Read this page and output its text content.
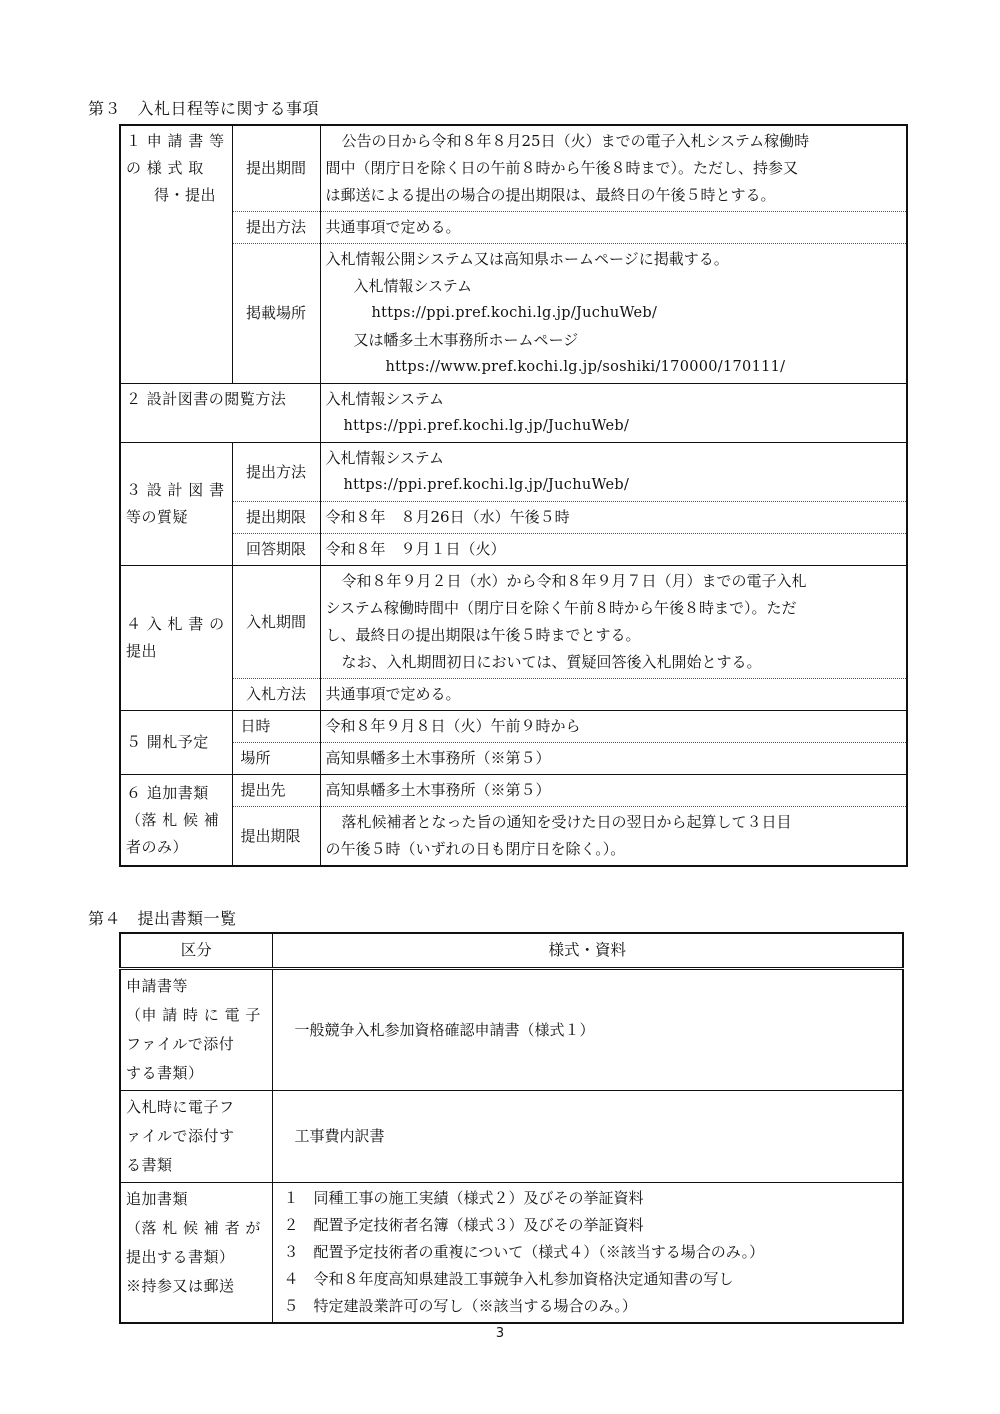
第３　入札日程等に関する事項
１ 申 請 書 等
の 様 式 取
得・提出	提出期間	公告の日から令和８年８月25日（火）までの電子入札システム稼働時
間中（閉庁日を除く日の午前８時から午後８時まで）。ただし、持参又
は郵送による提出の場合の提出期限は、最終日の午後５時とする。

	提出方法	共通事項で定める。
	掲載場所	入札情報公開システム又は高知県ホームページに掲載する。
入札情報システム
https://ppi.pref.kochi.lg.jp/JuchuWeb/
又は幡多土木事務所ホームページ
https://www.pref.kochi.lg.jp/soshiki/170000/170111/

２ 設計図書の閲覧方法		入札情報システム
https://ppi.pref.kochi.lg.jp/JuchuWeb/

３ 設 計 図 書
等の質疑	提出方法	入札情報システム
https://ppi.pref.kochi.lg.jp/JuchuWeb/

	提出期限	令和８年　８月26日（水）午後５時
	回答期限	令和８年　９月１日（火）

４ 入 札 書 の
提出	入札期間	令和８年９月２日（水）から令和８年９月７日（月）までの電子入札
システム稼働時間中（閉庁日を除く午前８時から午後８時まで）。ただ
し、最終日の提出期限は午後５時までとする。
なお、入札期間初日においては、質疑回答後入札開始とする。

	入札方法	共通事項で定める。
５ 開札予定	日時	令和８年９月８日（火）午前９時から
	場所	高知県幡多土木事務所（※第５）

６ 追加書類
（落 札 候 補
者のみ）	提出先	高知県幡多土木事務所（※第５）
	提出期限	落札候補者となった旨の通知を受けた日の翌日から起算して３日目
の午後５時（いずれの日も閉庁日を除く。）。
第４　提出書類一覧
区分	様式・資料

申請書等
（申 請 時 に 電 子
ファイルで添付
する書類）	一般競争入札参加資格確認申請書（様式１）

入札時に電子フ
ァイルで添付す
る書類	工事費内訳書

追加書類
（落 札 候 補 者 が
提出する書類）
※持参又は郵送	１ 同種工事の施工実績（様式２）及びその挙証資料
２ 配置予定技術者名簿（様式３）及びその挙証資料
３ 配置予定技術者の重複について（様式４）（※該当する場合のみ。）
４ 令和８年度高知県建設工事競争入札参加資格決定通知書の写し
５ 特定建設業許可の写し（※該当する場合のみ。）
3
